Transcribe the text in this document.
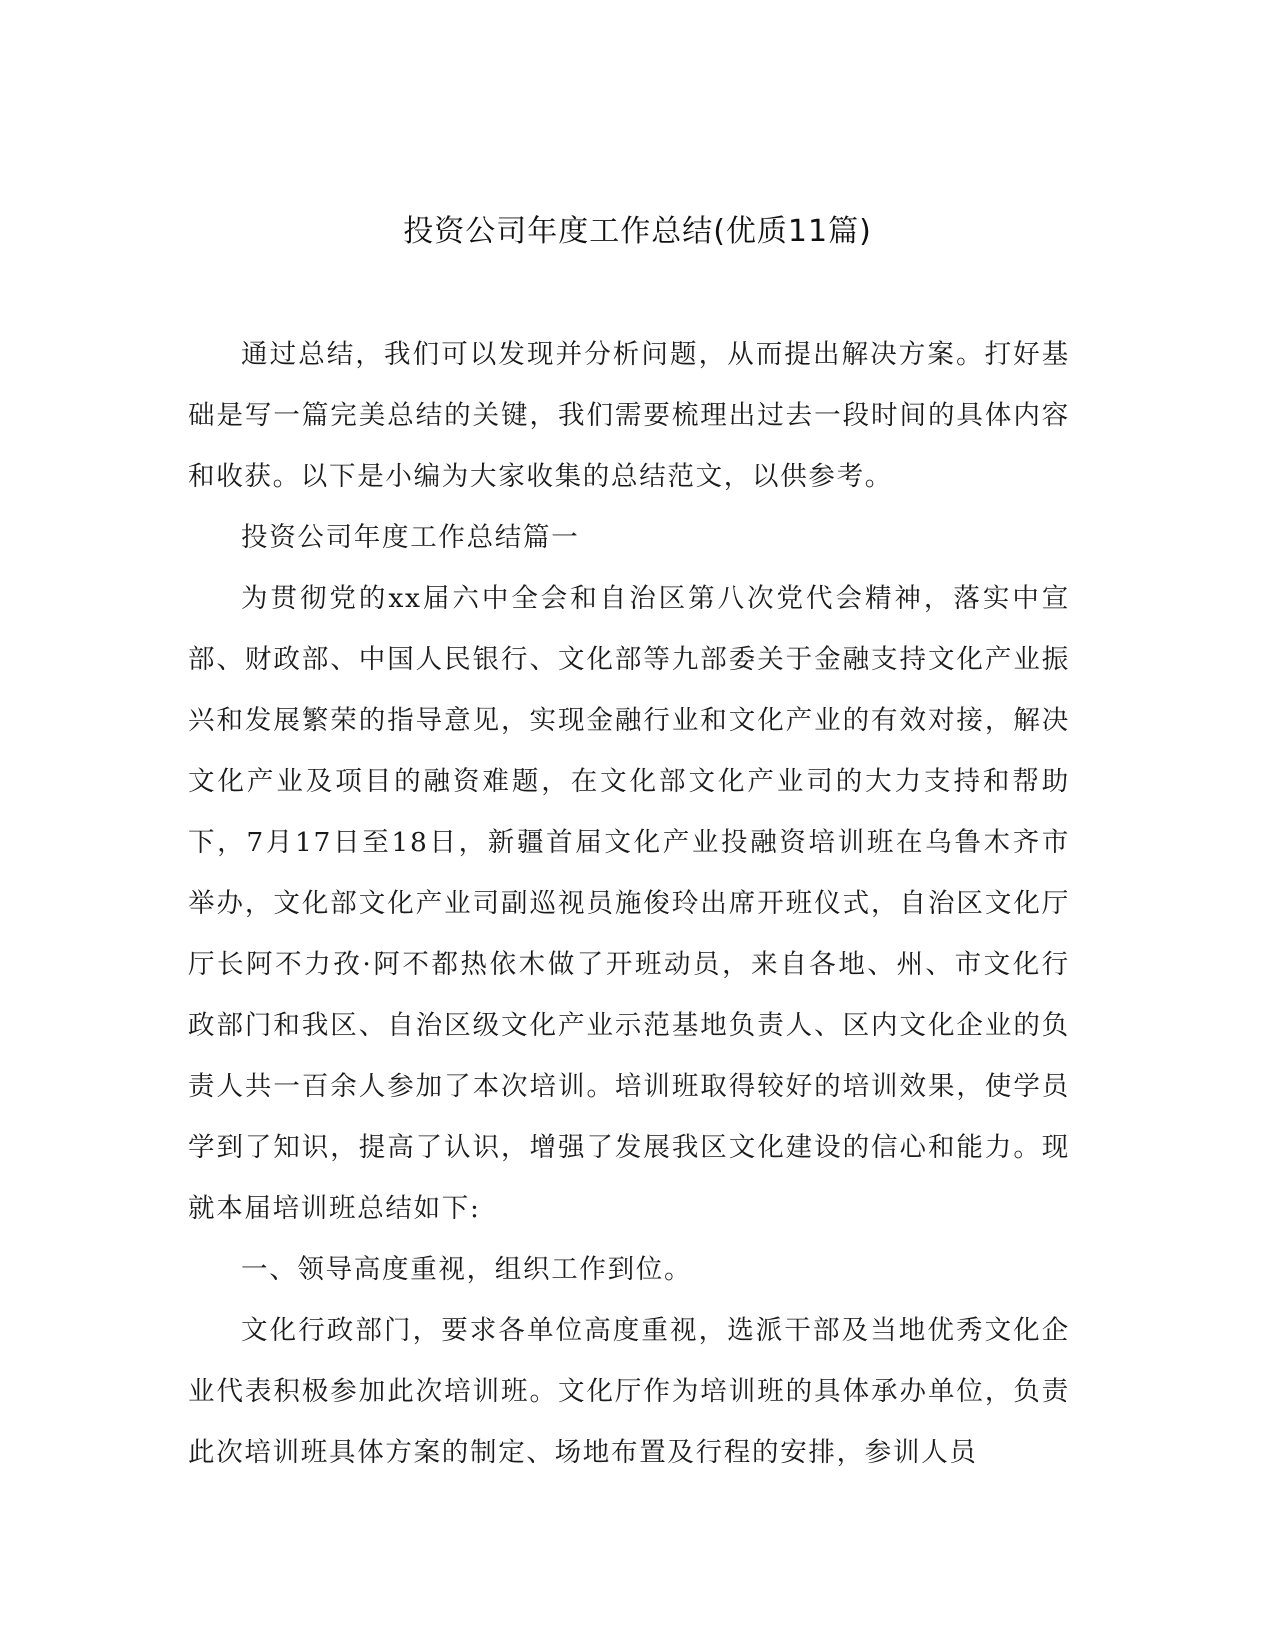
投资公司年度工作总结(优质11篇)

通过总结，我们可以发现并分析问题，从而提出解决方案。打好基础是写一篇完美总结的关键，我们需要梳理出过去一段时间的具体内容和收获。以下是小编为大家收集的总结范文，以供参考。

投资公司年度工作总结篇一

为贯彻党的xx届六中全会和自治区第八次党代会精神，落实中宣部、财政部、中国人民银行、文化部等九部委关于金融支持文化产业振兴和发展繁荣的指导意见，实现金融行业和文化产业的有效对接，解决文化产业及项目的融资难题，在文化部文化产业司的大力支持和帮助下，7月17日至18日，新疆首届文化产业投融资培训班在乌鲁木齐市举办，文化部文化产业司副巡视员施俊玲出席开班仪式，自治区文化厅厅长阿不力孜·阿不都热依木做了开班动员，来自各地、州、市文化行政部门和我区、自治区级文化产业示范基地负责人、区内文化企业的负责人共一百余人参加了本次培训。培训班取得较好的培训效果，使学员学到了知识，提高了认识，增强了发展我区文化建设的信心和能力。现就本届培训班总结如下:

一、领导高度重视，组织工作到位。

文化行政部门，要求各单位高度重视，选派干部及当地优秀文化企业代表积极参加此次培训班。文化厅作为培训班的具体承办单位，负责此次培训班具体方案的制定、场地布置及行程的安排，参训人员
